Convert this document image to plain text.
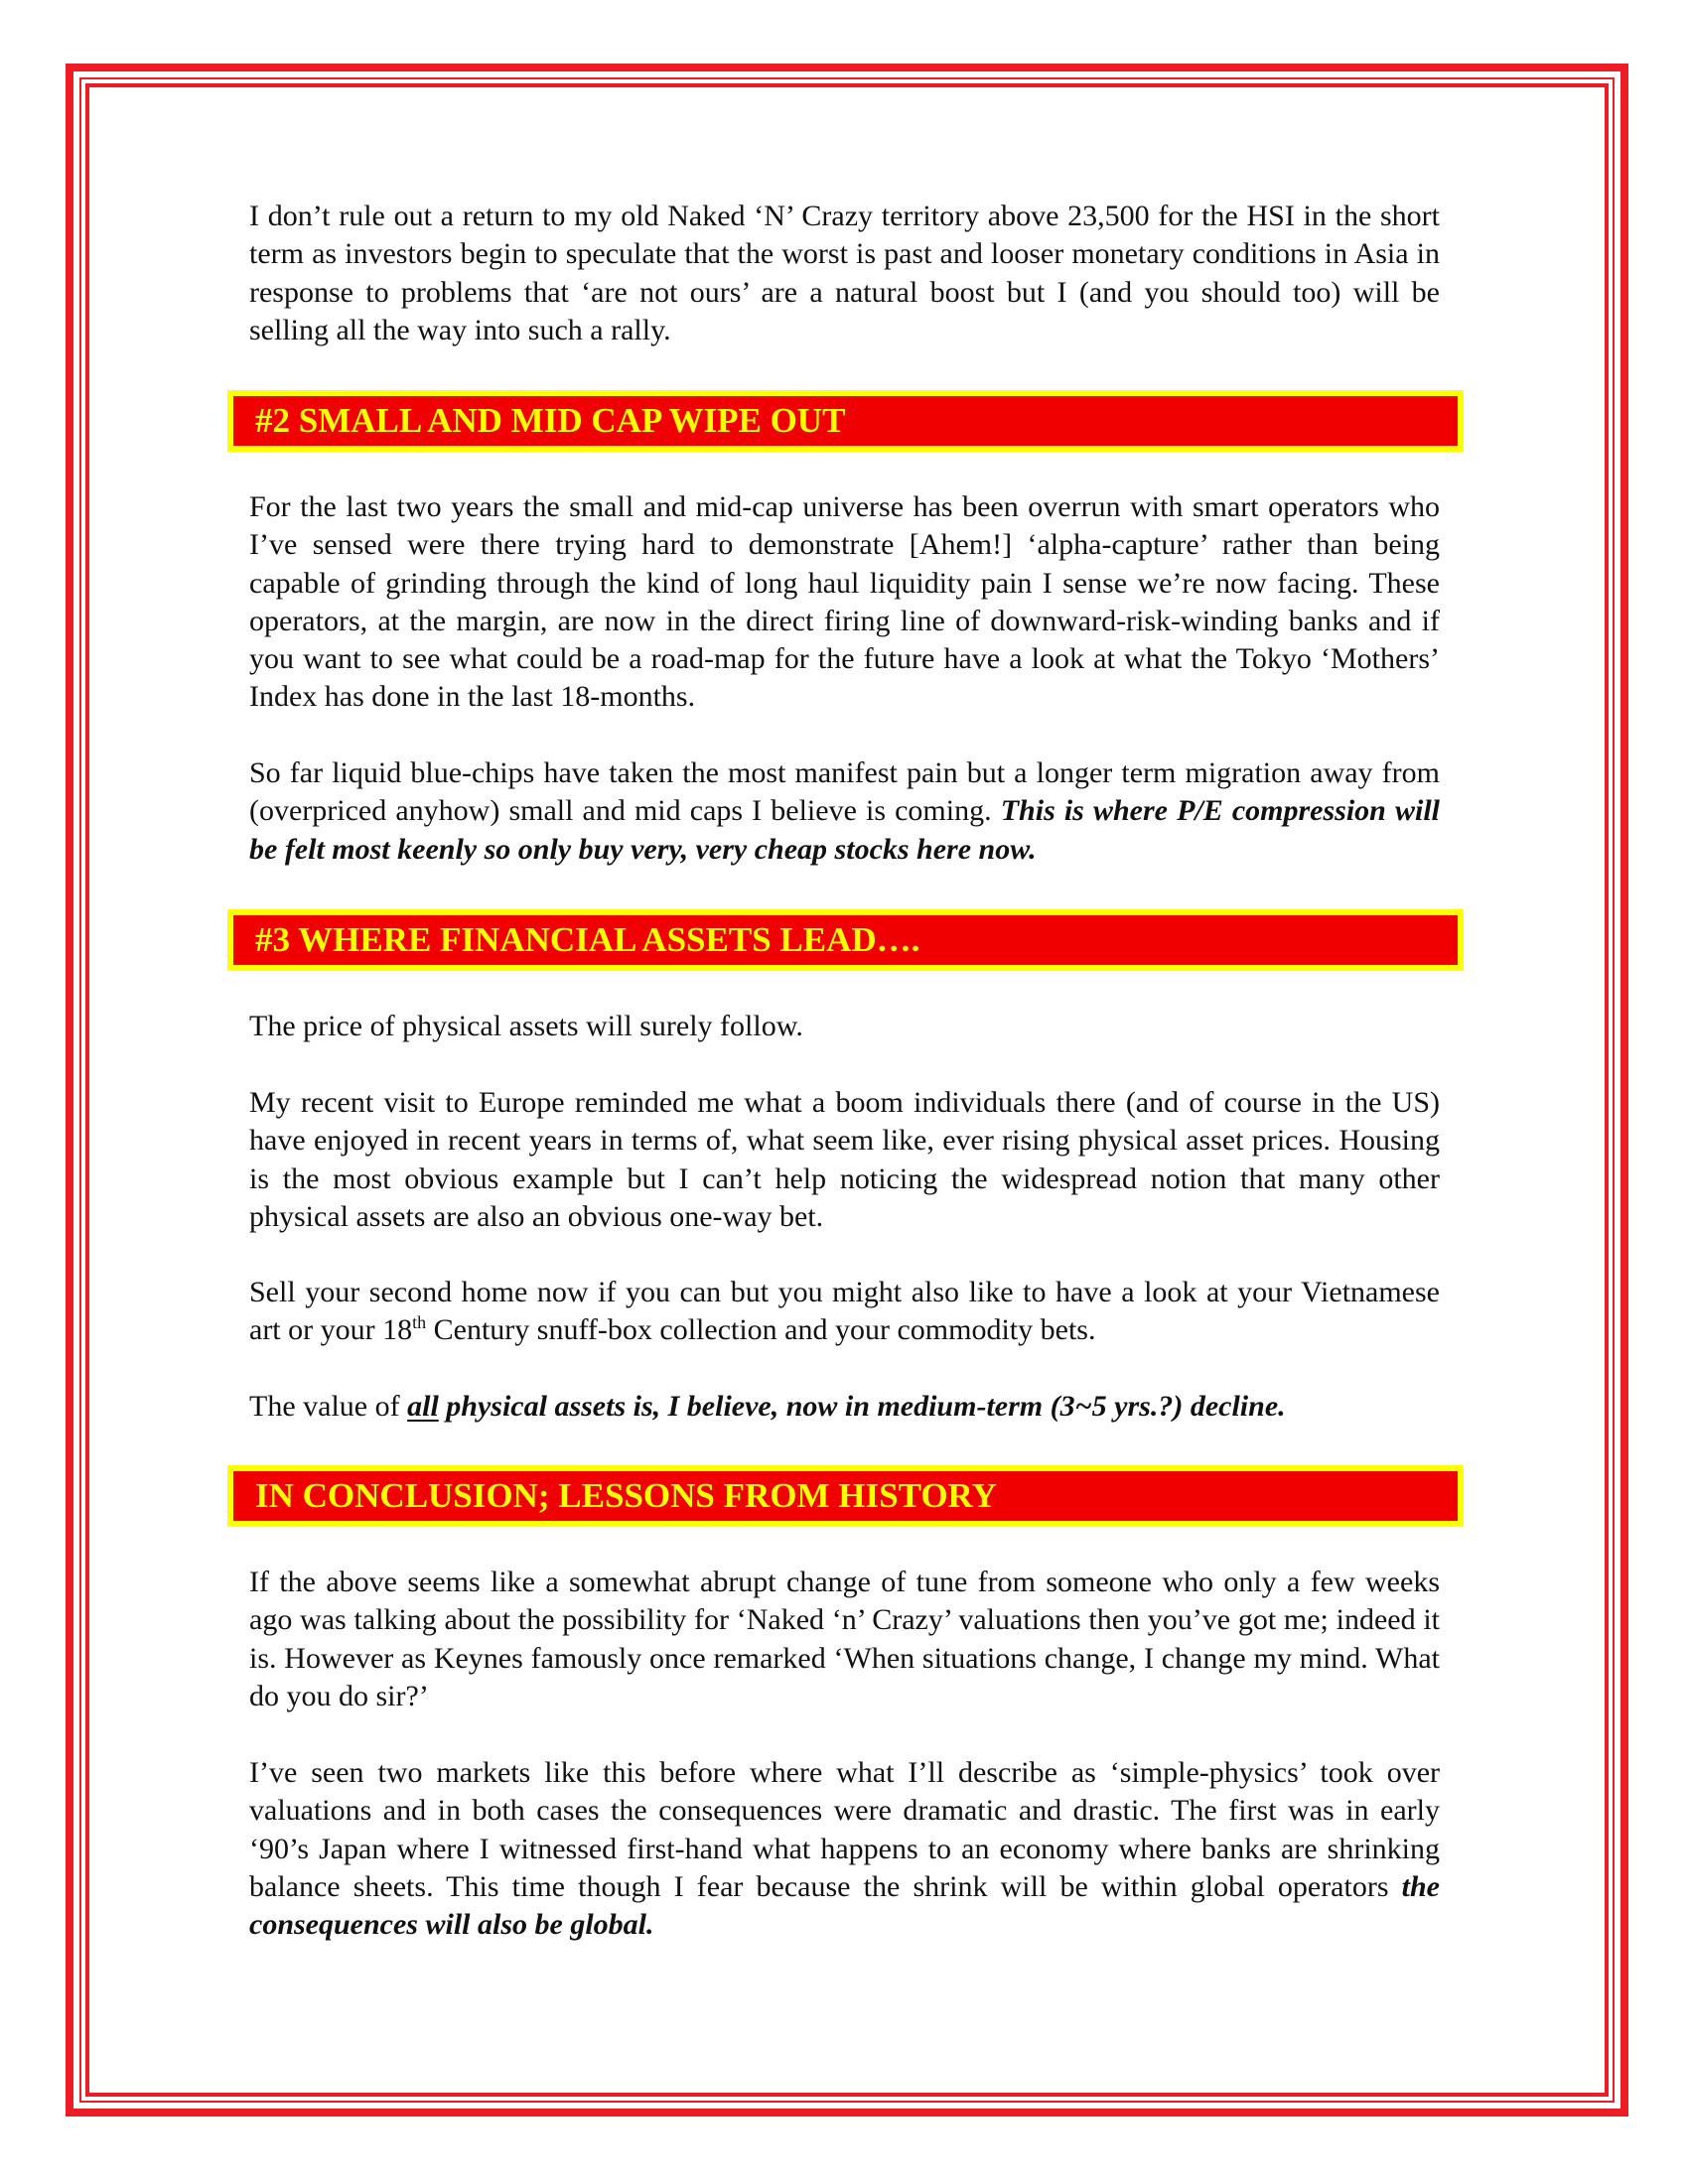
I don’t rule out a return to my old Naked ‘N’ Crazy territory above 23,500 for the HSI in the short term as investors begin to speculate that the worst is past and looser monetary conditions in Asia in response to problems that ‘are not ours’ are a natural boost but I (and you should too) will be selling all the way into such a rally.

For the last two years the small and mid-cap universe has been overrun with smart operators who I’ve sensed were there trying hard to demonstrate [Ahem!] ‘alpha-capture’ rather than being capable of grinding through the kind of long haul liquidity pain I sense we’re now facing. These operators, at the margin, are now in the direct firing line of downward-risk-winding banks and if you want to see what could be a road-map for the future have a look at what the Tokyo ‘Mothers’ Index has done in the last 18-months.

So far liquid blue-chips have taken the most manifest pain but a longer term migration away from (overpriced anyhow) small and mid caps I believe is coming. This is where P/E compression will be felt most keenly so only buy very, very cheap stocks here now.

The price of physical assets will surely follow.

My recent visit to Europe reminded me what a boom individuals there (and of course in the US) have enjoyed in recent years in terms of, what seem like, ever rising physical asset prices. Housing is the most obvious example but I can’t help noticing the widespread notion that many other physical assets are also an obvious one-way bet.

Sell your second home now if you can but you might also like to have a look at your Vietnamese art or your 18th Century snuff-box collection and your commodity bets.

The value of all physical assets is, I believe, now in medium-term (3~5 yrs.?) decline.

If the above seems like a somewhat abrupt change of tune from someone who only a few weeks ago was talking about the possibility for ‘Naked ‘n’ Crazy’ valuations then you’ve got me; indeed it is. However as Keynes famously once remarked ‘When situations change, I change my mind. What do you do sir?’

I’ve seen two markets like this before where what I’ll describe as ‘simple-physics’ took over valuations and in both cases the consequences were dramatic and drastic. The first was in early ‘90’s Japan where I witnessed first-hand what happens to an economy where banks are shrinking balance sheets. This time though I fear because the shrink will be within global operators the consequences will also be global.

#2 SMALL AND MID CAP WIPE OUT
#3 WHERE FINANCIAL ASSETS LEAD….
IN CONCLUSION; LESSONS FROM HISTORY
